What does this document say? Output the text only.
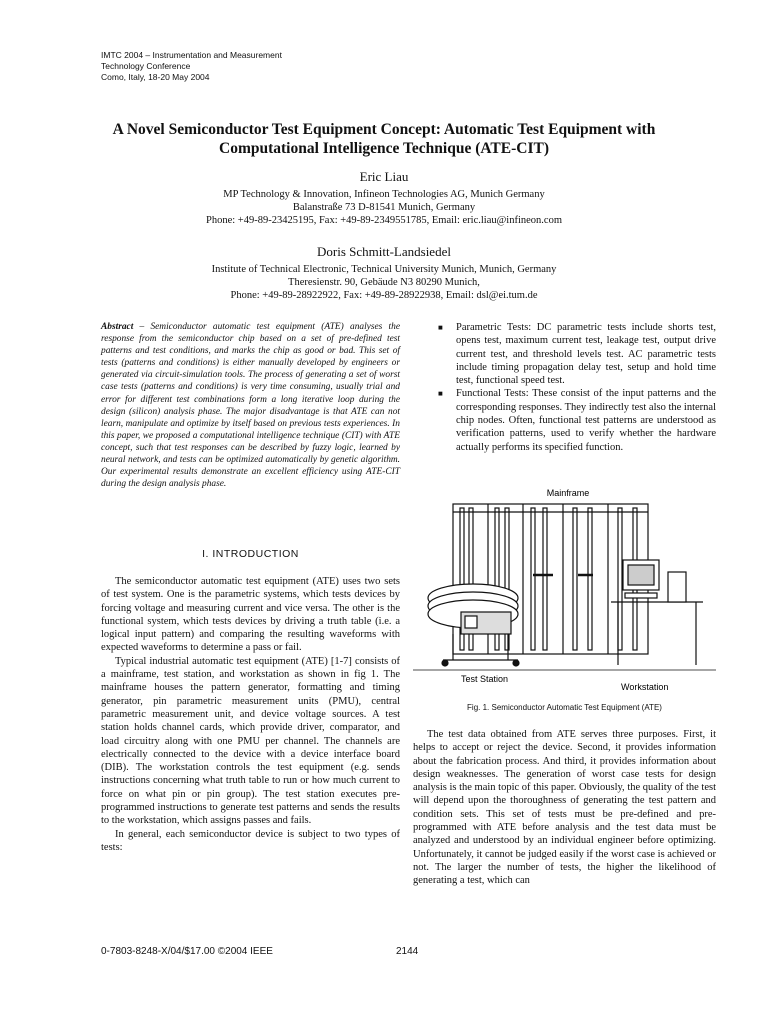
IMTC 2004 – Instrumentation and Measurement
Technology Conference
Como, Italy, 18-20 May 2004
A Novel Semiconductor Test Equipment Concept: Automatic Test Equipment with
Computational Intelligence Technique (ATE-CIT)
Eric Liau
MP Technology & Innovation, Infineon Technologies AG, Munich Germany
Balanstraße 73 D-81541 Munich, Germany
Phone: +49-89-23425195, Fax: +49-89-2349551785, Email: eric.liau@infineon.com
Doris Schmitt-Landsiedel
Institute of Technical Electronic, Technical University Munich, Munich, Germany
Theresienstr. 90, Gebäude N3 80290 Munich,
Phone: +49-89-28922922, Fax: +49-89-28922938, Email: dsl@ei.tum.de
Abstract – Semiconductor automatic test equipment (ATE) analyses the response from the semiconductor chip based on a set of pre-defined test patterns and test conditions, and marks the chip as good or bad. This set of tests (patterns and conditions) is either manually developed by engineers or generated via circuit-simulation tools. The process of generating a set of worst case tests (patterns and conditions) is very time consuming, usually trial and error for different test combinations form a long iterative loop during the design (silicon) analysis phase. The major disadvantage is that ATE can not learn, manipulate and optimize by itself based on previous tests experiences. In this paper, we proposed a computational intelligence technique (CIT) with ATE concept, such that test responses can be described by fuzzy logic, learned by neural network, and tests can be optimized automatically by genetic algorithm. Our experimental results demonstrate an excellent efficiency using ATE-CIT during the design analysis phase.
I. INTRODUCTION

The semiconductor automatic test equipment (ATE) uses two sets of test system. One is the parametric systems, which tests devices by forcing voltage and measuring current and vice versa. The other is the functional system, which tests devices by driving a truth table (i.e. a logical input pattern) and comparing the resulting waveforms with expected waveforms to determine a pass or fail.

Typical industrial automatic test equipment (ATE) [1-7] consists of a mainframe, test station, and workstation as shown in fig 1. The mainframe houses the pattern generator, formatting and timing generator, pin parametric measurement units (PMU), central parametric measurement unit, and device voltage sources. A test station holds channel cards, which provide driver, comparator, and load circuitry along with one PMU per channel. The channels are electrically connected to the device with a device interface board (DIB). The workstation controls the test equipment (e.g. sends instructions concerning what truth table to run or how much current to force on what pin or pin group). The test station executes pre-programmed instructions to generate test patterns and sends the results to the workstation, which assigns passes and fails.

In general, each semiconductor device is subject to two types of tests:

■ Parametric Tests: DC parametric tests include shorts test, opens test, maximum current test, leakage test, output drive current test, and threshold levels test. AC parametric tests include timing propagation delay test, setup and hold time test, functional speed test.
■ Functional Tests: These consist of the input patterns and the corresponding responses. They indirectly test also the internal chip nodes. Often, functional test patterns are understood as verification patterns, used to verify whether the hardware actually performs its specified function.
Mainframe
Test Station
Workstation
Fig. 1. Semiconductor Automatic Test Equipment (ATE)

The test data obtained from ATE serves three purposes. First, it helps to accept or reject the device. Second, it provides information about the fabrication process. And third, it provides information about design weaknesses. The generation of worst case tests for design analysis is the main topic of this paper. Obviously, the quality of the test will depend upon the thoroughness of generating the test pattern and condition sets. This set of tests must be pre-defined and pre-programmed with ATE before analysis and the test data must be analyzed and understood by an individual engineer before optimizing. Unfortunately, it cannot be judged easily if the worst case is achieved or not. The larger the number of tests, the higher the likelihood of generating a test, which can

0-7803-8248-X/04/$17.00 ©2004 IEEE	2144
